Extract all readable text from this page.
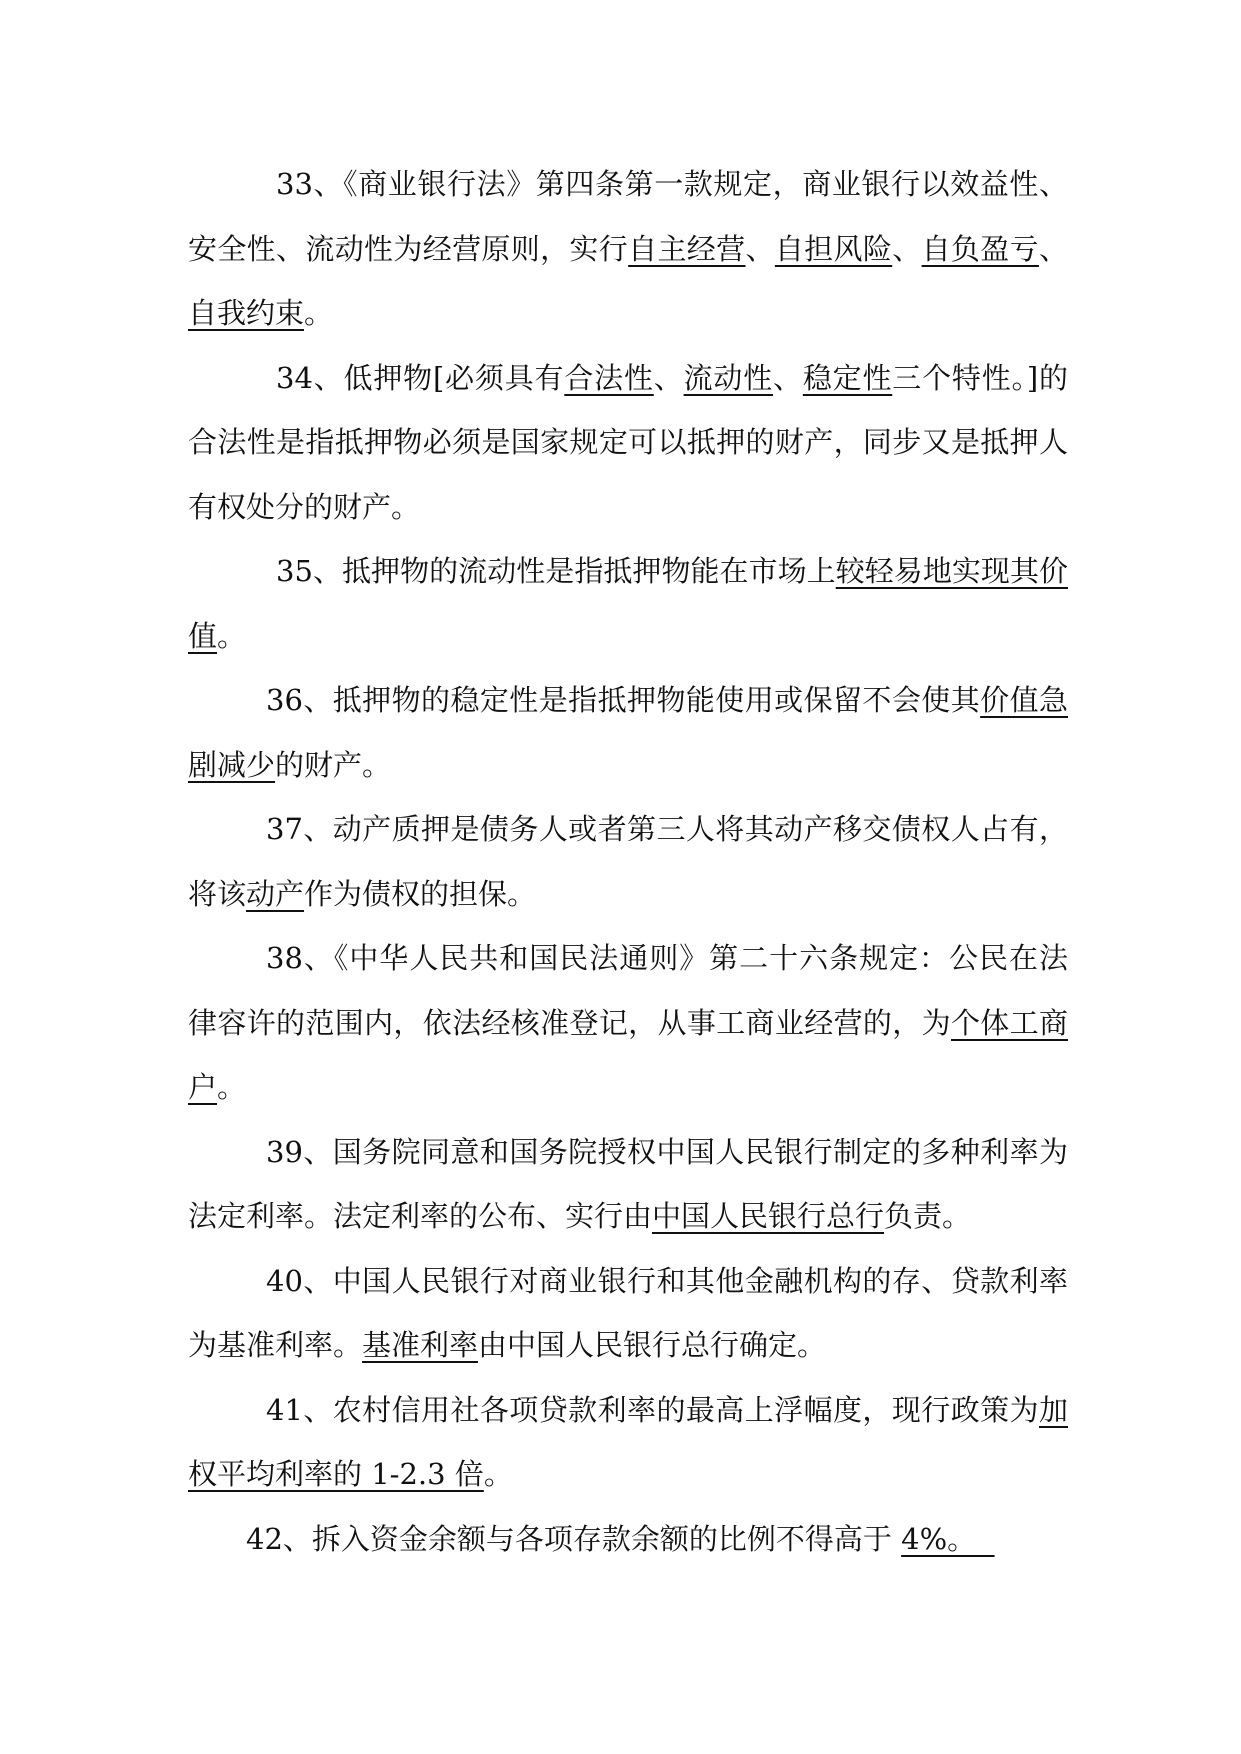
33、《商业银行法》第四条第一款规定，商业银行以效益性、安全性、流动性为经营原则，实行自主经营、自担风险、自负盈亏、自我约束。

34、低押物[必须具有合法性、流动性、稳定性三个特性。]的合法性是指抵押物必须是国家规定可以抵押的财产，同步又是抵押人有权处分的财产。

35、抵押物的流动性是指抵押物能在市场上较轻易地实现其价值。

36、抵押物的稳定性是指抵押物能使用或保留不会使其价值急剧减少的财产。

37、动产质押是债务人或者第三人将其动产移交债权人占有，将该动产作为债权的担保。

38、《中华人民共和国民法通则》第二十六条规定：公民在法律容许的范围内，依法经核准登记，从事工商业经营的，为个体工商户。

39、国务院同意和国务院授权中国人民银行制定的多种利率为法定利率。法定利率的公布、实行由中国人民银行总行负责。

40、中国人民银行对商业银行和其他金融机构的存、贷款利率为基准利率。基准利率由中国人民银行总行确定。

41、农村信用社各项贷款利率的最高上浮幅度，现行政策为加权平均利率的 1-2.3 倍。

42、拆入资金余额与各项存款余额的比例不得高于 4%。
